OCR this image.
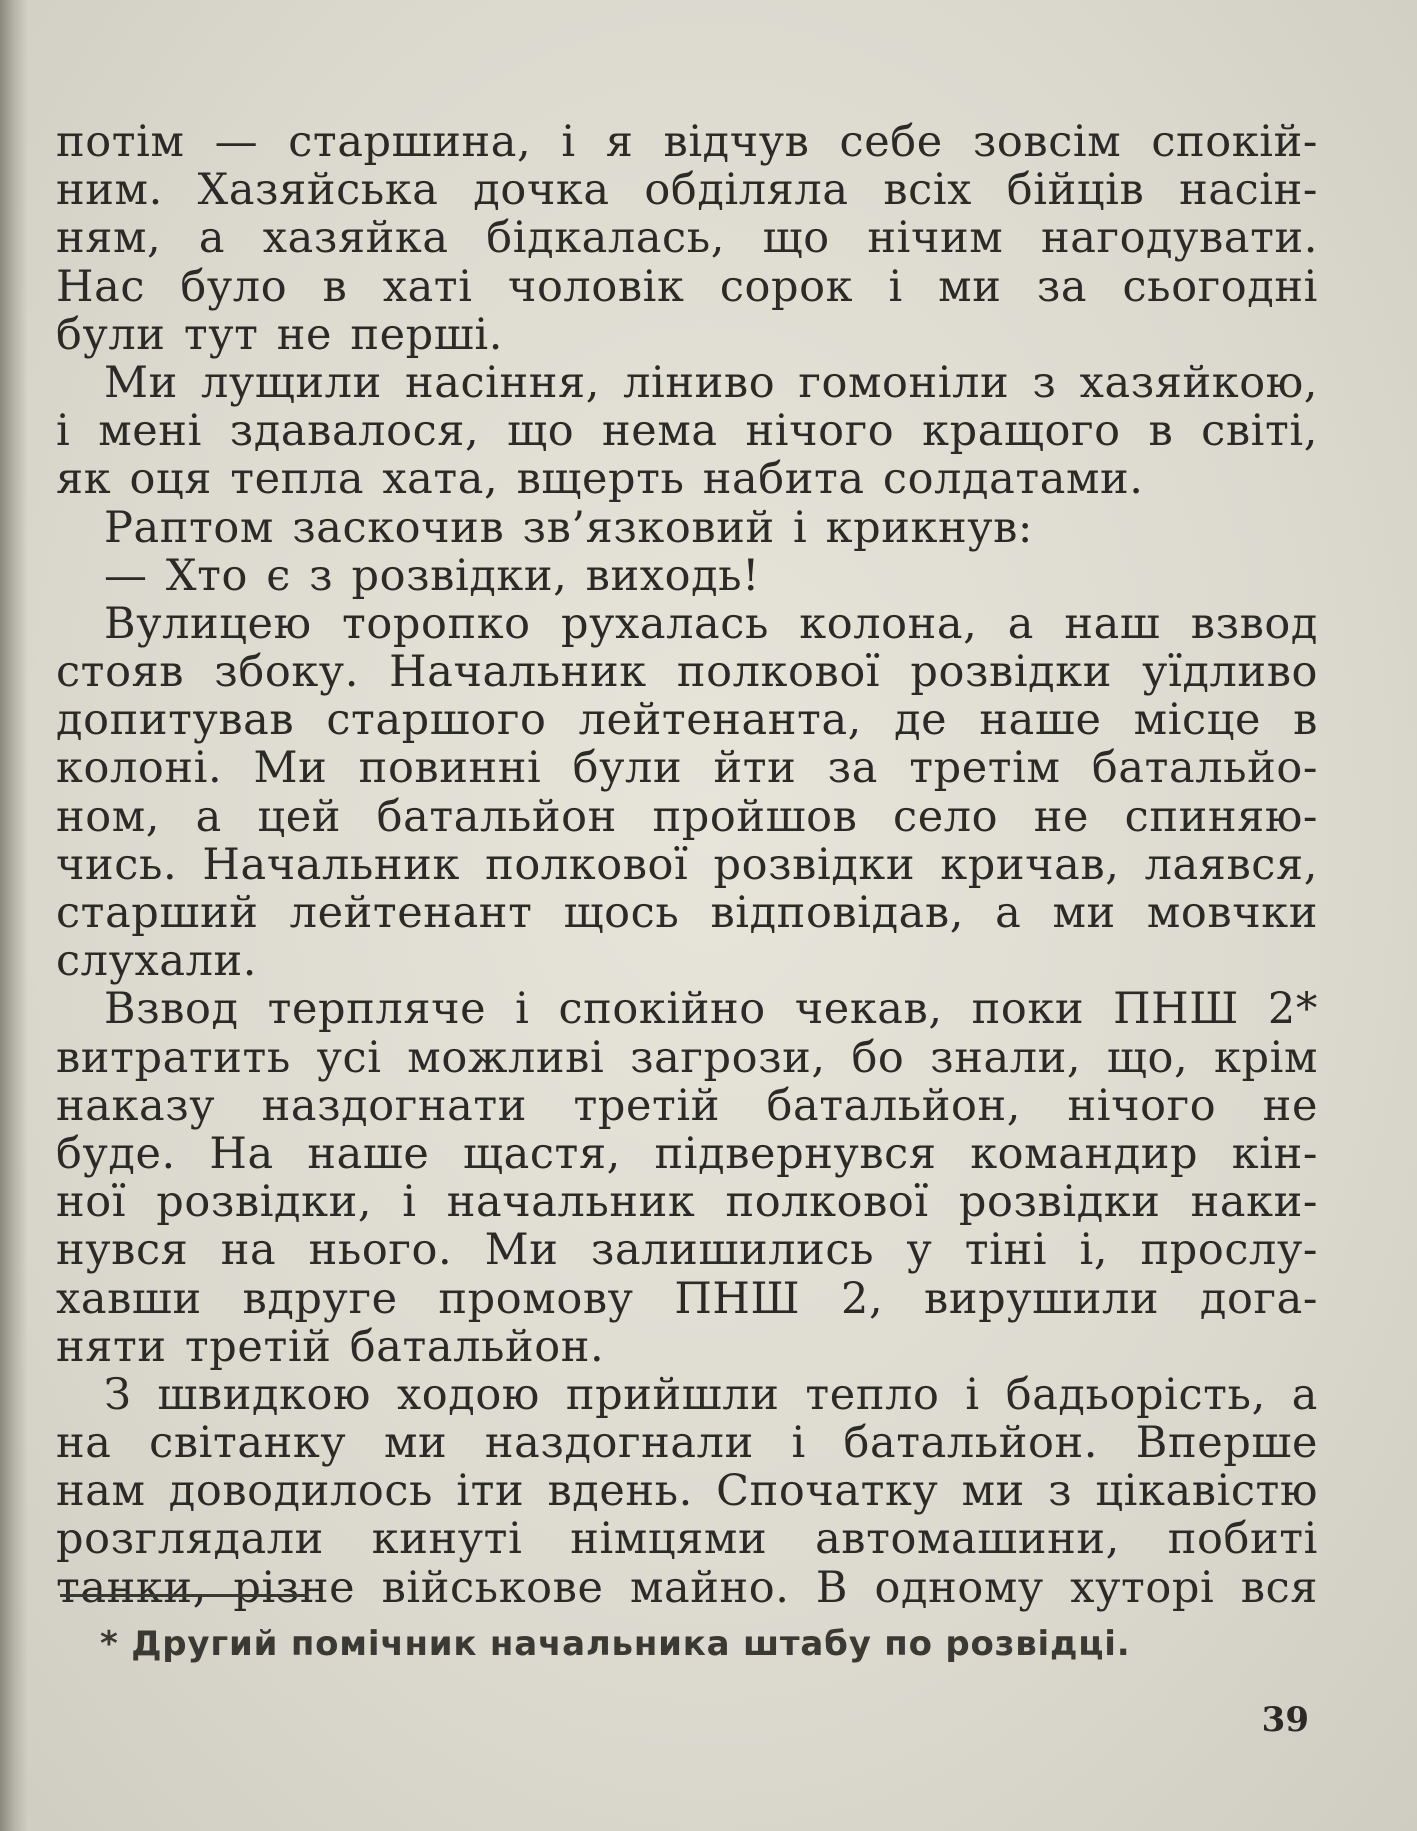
потім — старшина, і я відчув себе зовсім спокій-
ним. Хазяйська дочка обділяла всіх бійців насін-
ням, а хазяйка бідкалась, що нічим нагодувати.
Нас було в хаті чоловік сорок і ми за сьогодні
були тут не перші.
Ми лущили насіння, ліниво гомоніли з хазяйкою,
і мені здавалося, що нема нічого кращого в світі,
як оця тепла хата, вщерть набита солдатами.
Раптом заскочив зв’язковий і крикнув:
— Хто є з розвідки, виходь!
Вулицею торопко рухалась колона, а наш взвод
стояв збоку. Начальник полкової розвідки уїдливо
допитував старшого лейтенанта, де наше місце в
колоні. Ми повинні були йти за третім батальйо-
ном, а цей батальйон пройшов село не спиняю-
чись. Начальник полкової розвідки кричав, лаявся,
старший лейтенант щось відповідав, а ми мовчки
слухали.
Взвод терпляче і спокійно чекав, поки ПНШ 2*
витратить усі можливі загрози, бо знали, що, крім
наказу наздогнати третій батальйон, нічого не
буде. На наше щастя, підвернувся командир кін-
ної розвідки, і начальник полкової розвідки наки-
нувся на нього. Ми залишились у тіні і, прослу-
хавши вдруге промову ПНШ 2, вирушили дога-
няти третій батальйон.
З швидкою ходою прийшли тепло і бадьорість, а
на світанку ми наздогнали і батальйон. Вперше
нам доводилось іти вдень. Спочатку ми з цікавістю
розглядали кинуті німцями автомашини, побиті
танки, різне військове майно. В одному хуторі вся
* Другий помічник начальника штабу по розвідці.
39
